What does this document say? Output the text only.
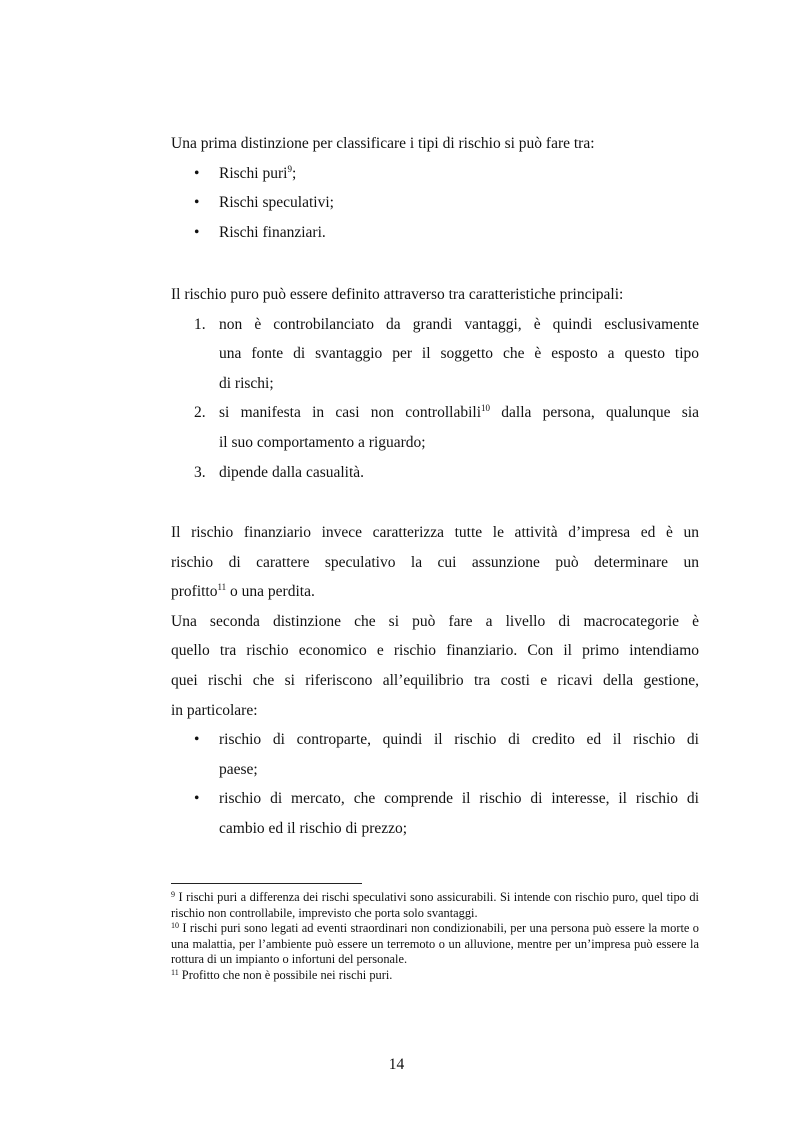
Una prima distinzione per classificare i tipi di rischio si può fare tra:
• Rischi puri$^9$;
• Rischi speculativi;
• Rischi finanziari.
Il rischio puro può essere definito attraverso tra caratteristiche principali:
1. non è controbilanciato da grandi vantaggi, è quindi esclusivamente
una fonte di svantaggio per il soggetto che è esposto a questo tipo
di rischi;
2. si manifesta in casi non controllabili$^{10}$ dalla persona, qualunque sia
il suo comportamento a riguardo;
3. dipende dalla casualità.
Il rischio finanziario invece caratterizza tutte le attività d’impresa ed è un
rischio di carattere speculativo la cui assunzione può determinare un
profitto$^{11}$ o una perdita.
Una seconda distinzione che si può fare a livello di macrocategorie è
quello tra rischio economico e rischio finanziario. Con il primo intendiamo
quei rischi che si riferiscono all’equilibrio tra costi e ricavi della gestione,
in particolare:
• rischio di controparte, quindi il rischio di credito ed il rischio di
paese;
• rischio di mercato, che comprende il rischio di interesse, il rischio di
cambio ed il rischio di prezzo;

$^9$ I rischi puri a differenza dei rischi speculativi sono assicurabili. Si intende con rischio puro, quel tipo di rischio non controllabile, imprevisto che porta solo svantaggi.

$^{10}$ I rischi puri sono legati ad eventi straordinari non condizionabili, per una persona può essere la morte o una malattia, per l’ambiente può essere un terremoto o un alluvione, mentre per un’impresa può essere la rottura di un impianto o infortuni del personale.

$^{11}$ Profitto che non è possibile nei rischi puri.

14
